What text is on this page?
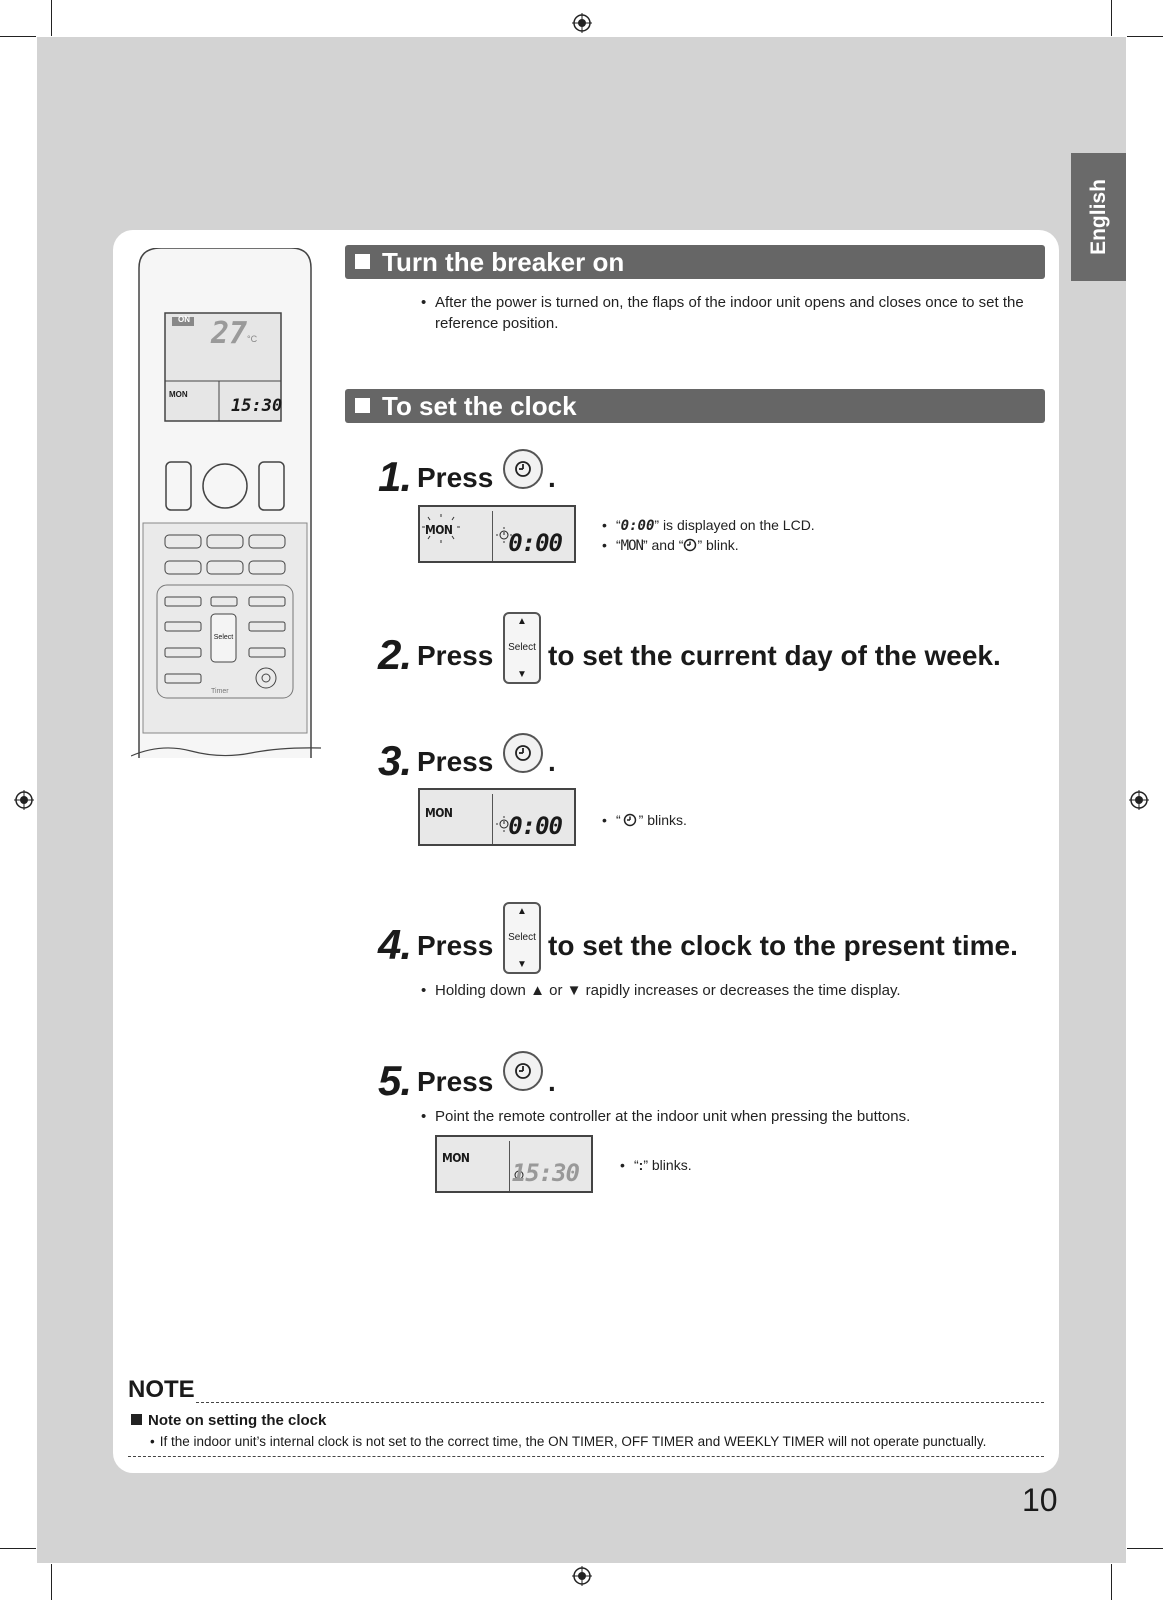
English
ON 27 °C
MON
15:30
Select
Timer
Turn the breaker on
• After the power is turned on, the flaps of the indoor unit opens and closes once to set the reference position.
To set the clock
1. Press .
MON 0:00
• “0:00” is displayed on the LCD.
• “MON” and “ ” blink.
2. Press
▲
Select
▼
to set the current day of the week.
3. Press .
MON 0:00	• “ ” blinks.
4. Press
▲
Select
▼
to set the clock to the present time.
• Holding down ▲ or ▼ rapidly increases or decreases the time display.
5. Press .
• Point the remote controller at the indoor unit when pressing the buttons.
MON
15:30	• “:” blinks.
NOTE
Note on setting the clock
• If the indoor unit’s internal clock is not set to the correct time, the ON TIMER, OFF TIMER and WEEKLY TIMER will not operate punctually.
10
